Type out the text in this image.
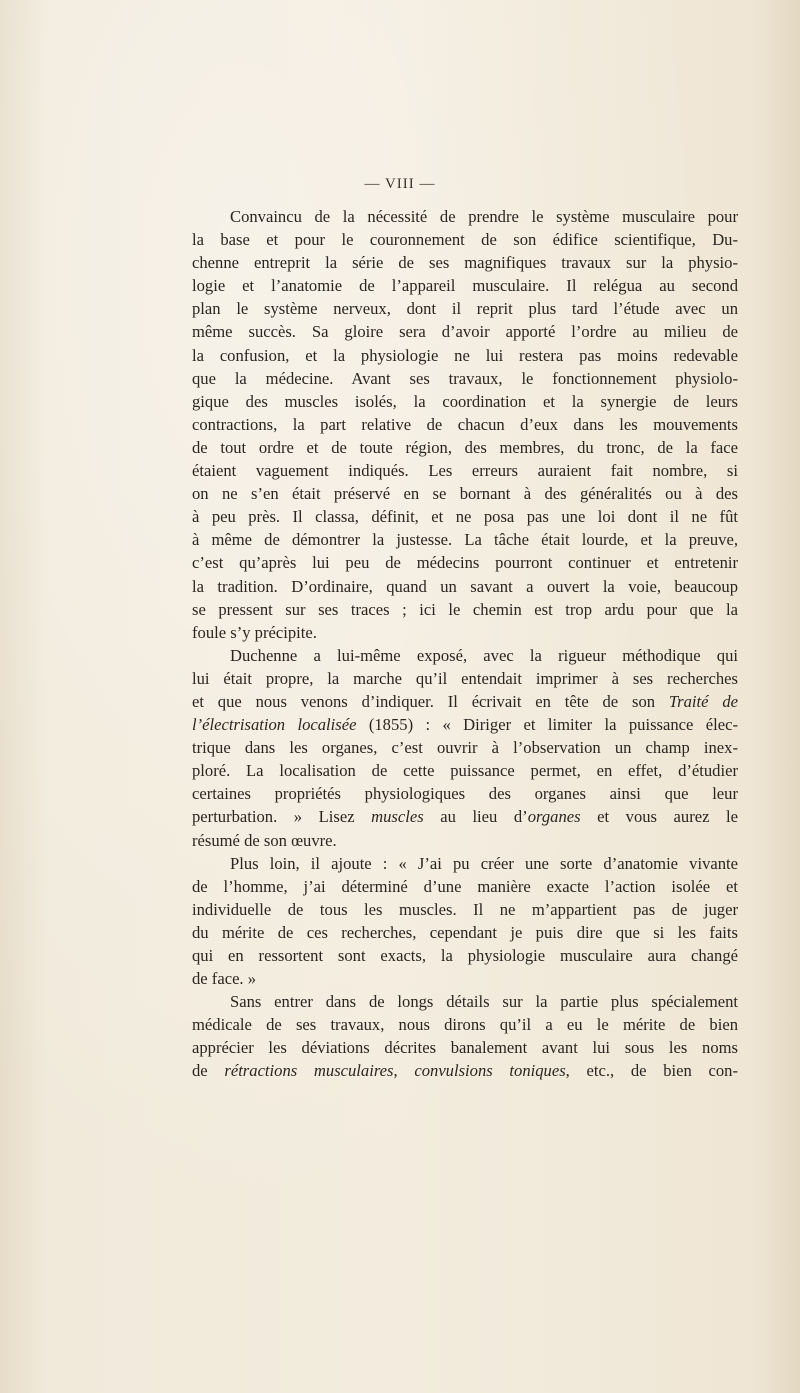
— VIII —
Convaincu de la nécessité de prendre le système musculaire pour
la base et pour le couronnement de son édifice scientifique, Du-
chenne entreprit la série de ses magnifiques travaux sur la physio-
logie et l’anatomie de l’appareil musculaire. Il relégua au second
plan le système nerveux, dont il reprit plus tard l’étude avec un
même succès. Sa gloire sera d’avoir apporté l’ordre au milieu de
la confusion, et la physiologie ne lui restera pas moins redevable
que la médecine. Avant ses travaux, le fonctionnement physiolo-
gique des muscles isolés, la coordination et la synergie de leurs
contractions, la part relative de chacun d’eux dans les mouvements
de tout ordre et de toute région, des membres, du tronc, de la face
étaient vaguement indiqués. Les erreurs auraient fait nombre, si
on ne s’en était préservé en se bornant à des généralités ou à des
à peu près. Il classa, définit, et ne posa pas une loi dont il ne fût
à même de démontrer la justesse. La tâche était lourde, et la preuve,
c’est qu’après lui peu de médecins pourront continuer et entretenir
la tradition. D’ordinaire, quand un savant a ouvert la voie, beaucoup
se pressent sur ses traces ; ici le chemin est trop ardu pour que la
foule s’y précipite.
Duchenne a lui-même exposé, avec la rigueur méthodique qui
lui était propre, la marche qu’il entendait imprimer à ses recherches
et que nous venons d’indiquer. Il écrivait en tête de son Traité de
l’électrisation localisée (1855) : « Diriger et limiter la puissance élec-
trique dans les organes, c’est ouvrir à l’observation un champ inex-
ploré. La localisation de cette puissance permet, en effet, d’étudier
certaines propriétés physiologiques des organes ainsi que leur
perturbation. » Lisez muscles au lieu d’organes et vous aurez le
résumé de son œuvre.
Plus loin, il ajoute : « J’ai pu créer une sorte d’anatomie vivante
de l’homme, j’ai déterminé d’une manière exacte l’action isolée et
individuelle de tous les muscles. Il ne m’appartient pas de juger
du mérite de ces recherches, cependant je puis dire que si les faits
qui en ressortent sont exacts, la physiologie musculaire aura changé
de face. »
Sans entrer dans de longs détails sur la partie plus spécialement
médicale de ses travaux, nous dirons qu’il a eu le mérite de bien
apprécier les déviations décrites banalement avant lui sous les noms
de rétractions musculaires, convulsions toniques, etc., de bien con-
